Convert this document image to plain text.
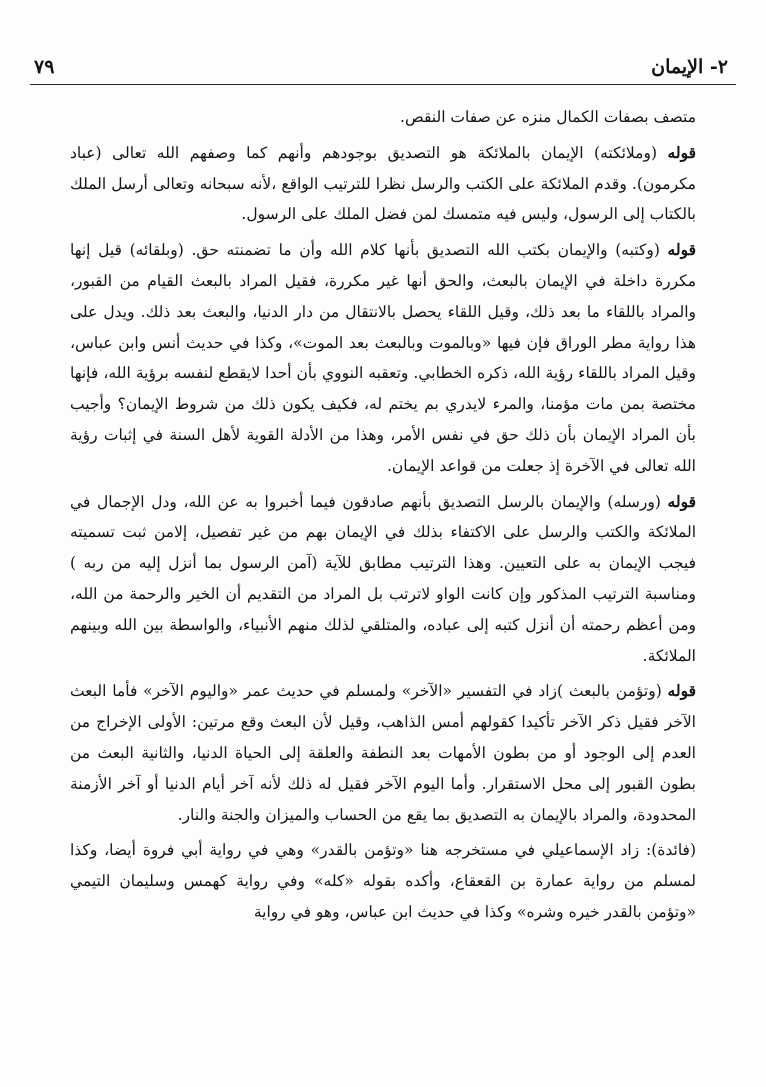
٢- الإيمان
٧٩

متصف بصفات الكمال منزه عن صفات النقص.

قوله (وملائكته) الإيمان بالملائكة هو التصديق بوجودهم وأنهم كما وصفهم الله تعالى (عباد مكرمون). وقدم الملائكة على الكتب والرسل نظرا للترتيب الواقع ،لأنه سبحانه وتعالى أرسل الملك بالكتاب إلى الرسول، وليس فيه متمسك لمن فضل الملك على الرسول.

قوله (وكتبه) والإيمان بكتب الله التصديق بأنها كلام الله وأن ما تضمنته حق. (وبلقائه) قيل إنها مكررة داخلة في الإيمان بالبعث، والحق أنها غير مكررة، فقيل المراد بالبعث القيام من القبور، والمراد باللقاء ما بعد ذلك، وقيل اللقاء يحصل بالانتقال من دار الدنيا، والبعث بعد ذلك. ويدل على هذا رواية مطر الوراق فإن فيها «وبالموت وبالبعث بعد الموت»، وكذا في حديث أنس وابن عباس، وقيل المراد باللقاء رؤية الله، ذكره الخطابي. وتعقبه النووي بأن أحدا لايقطع لنفسه برؤية الله، فإنها مختصة بمن مات مؤمنا، والمرء لايدري بم يختم له، فكيف يكون ذلك من شروط الإيمان؟ وأجيب بأن المراد الإيمان بأن ذلك حق في نفس الأمر، وهذا من الأدلة القوية لأهل السنة في إثبات رؤية الله تعالى في الآخرة إذ جعلت من قواعد الإيمان.

قوله (ورسله) والإيمان بالرسل التصديق بأنهم صادقون فيما أخبروا به عن الله، ودل الإجمال في الملائكة والكتب والرسل على الاكتفاء بذلك في الإيمان بهم من غير تفصيل، إلامن ثبت تسميته فيجب الإيمان به على التعيين. وهذا الترتيب مطابق للآية (آمن الرسول بما أنزل إليه من ربه ) ومناسبة الترتيب المذكور وإن كانت الواو لاترتب بل المراد من التقديم أن الخير والرحمة من الله، ومن أعظم رحمته أن أنزل كتبه إلى عباده، والمتلقي لذلك منهم الأنبياء، والواسطة بين الله وبينهم الملائكة.

قوله (وتؤمن بالبعث )زاد في التفسير «الآخر» ولمسلم في حديث عمر «واليوم الآخر» فأما البعث الآخر فقيل ذكر الآخر تأكيدا كقولهم أمس الذاهب، وقيل لأن البعث وقع مرتين: الأولى الإخراج من العدم إلى الوجود أو من بطون الأمهات بعد النطفة والعلقة إلى الحياة الدنيا، والثانية البعث من بطون القبور إلى محل الاستقرار. وأما اليوم الآخر فقيل له ذلك لأنه آخر أيام الدنيا أو آخر الأزمنة المحدودة، والمراد بالإيمان به التصديق بما يقع من الحساب والميزان والجنة والنار.

(فائدة): زاد الإسماعيلي في مستخرجه هنا «وتؤمن بالقدر» وهي في رواية أبي فروة أيضا، وكذا لمسلم من رواية عمارة بن القعقاع، وأكده بقوله «كله» وفي رواية كهمس وسليمان التيمي «وتؤمن بالقدر خيره وشره» وكذا في حديث ابن عباس، وهو في رواية
